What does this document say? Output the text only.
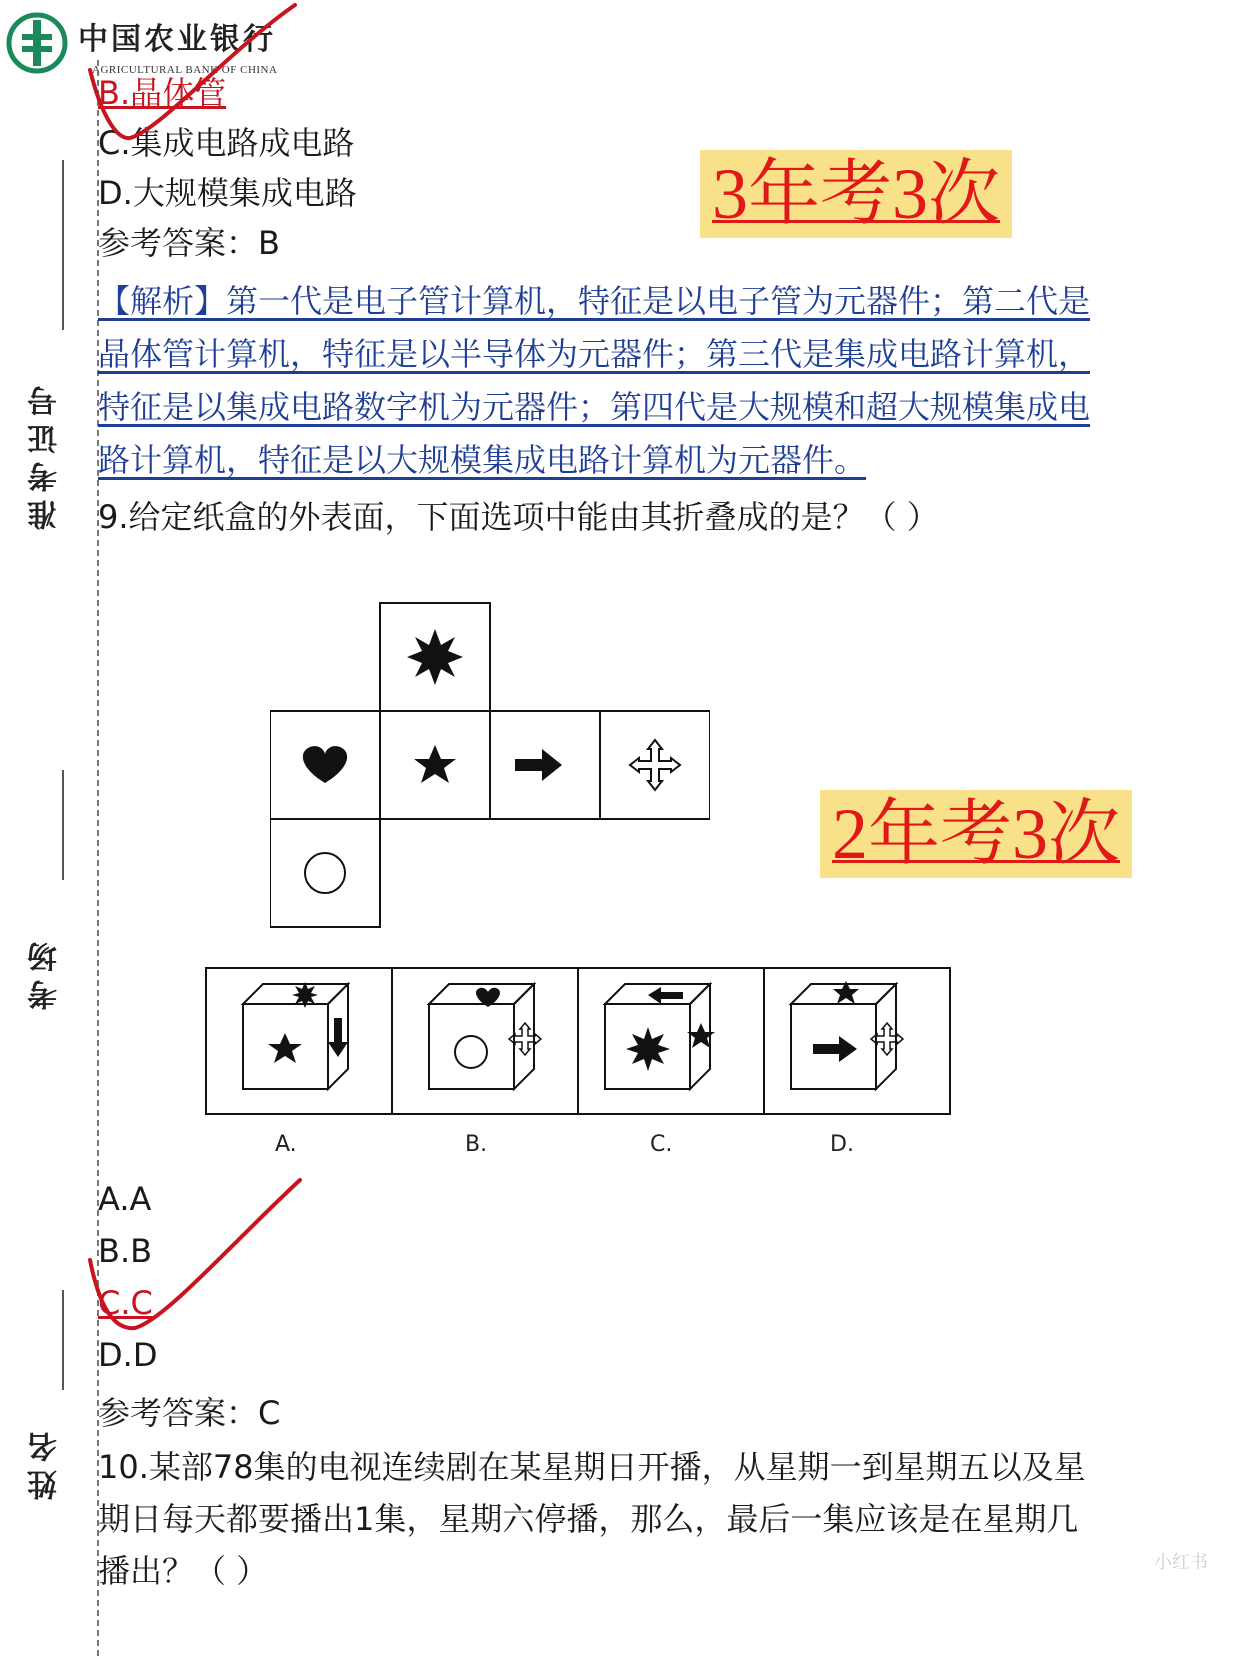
中国农业银行
AGRICULTURAL BANK OF CHINA
准考证号
考场
姓名
B.晶体管
C.集成电路成电路
D.大规模集成电路
参考答案：B
3年考3次
【解析】第一代是电子管计算机，特征是以电子管为元器件；第二代是
晶体管计算机，特征是以半导体为元器件；第三代是集成电路计算机，
特征是以集成电路数字机为元器件；第四代是大规模和超大规模集成电
路计算机，特征是以大规模集成电路计算机为元器件。
9.给定纸盒的外表面，下面选项中能由其折叠成的是？（ ）
2年考3次
A.	B.	C.	D.
A.A
B.B
C.C
D.D
参考答案：C
10.某部78集的电视连续剧在某星期日开播，从星期一到星期五以及星
期日每天都要播出1集，星期六停播，那么，最后一集应该是在星期几
播出？（ ）	小红书
